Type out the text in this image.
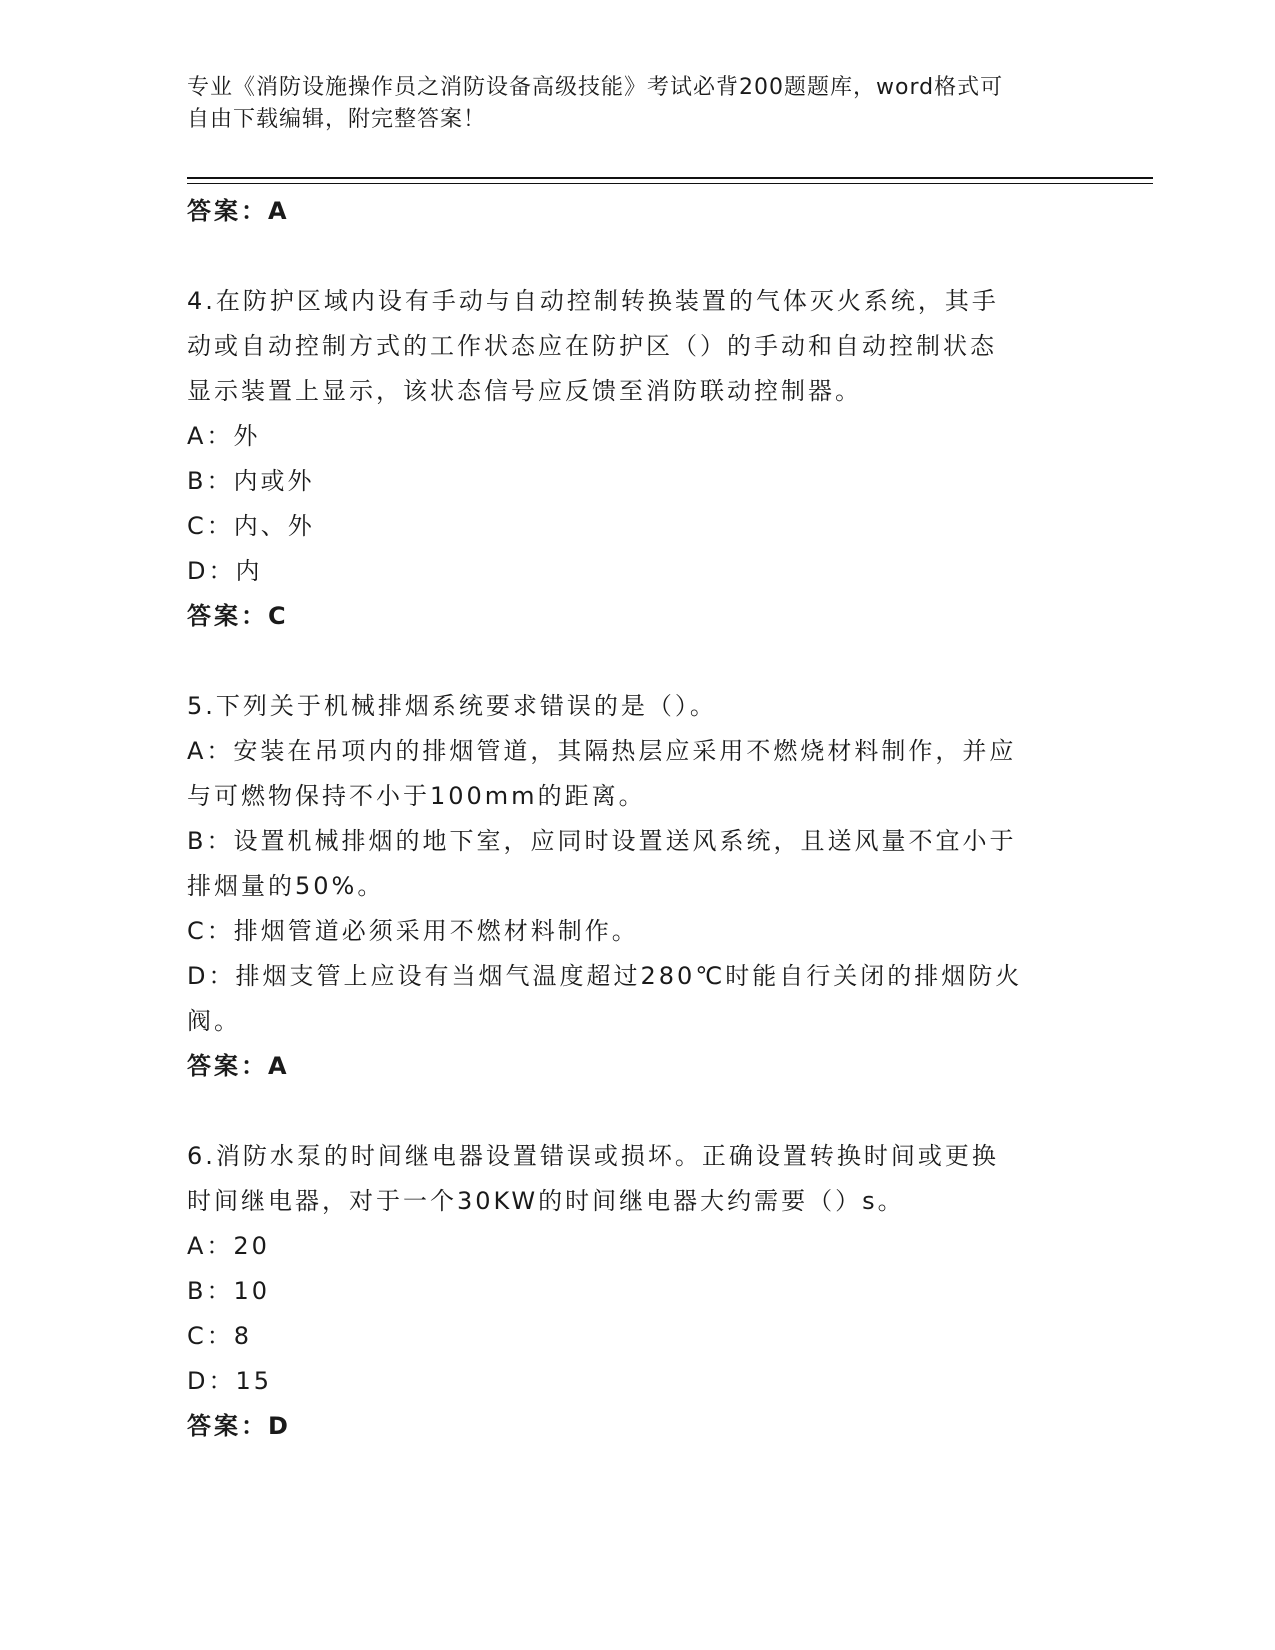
专业《消防设施操作员之消防设备高级技能》考试必背200题题库，word格式可
自由下载编辑，附完整答案！
答案：A
4.在防护区域内设有手动与自动控制转换装置的气体灭火系统，其手
动或自动控制方式的工作状态应在防护区（）的手动和自动控制状态
显示装置上显示，该状态信号应反馈至消防联动控制器。
A：外
B：内或外
C：内、外
D：内
答案：C
5.下列关于机械排烟系统要求错误的是（）。
A：安装在吊项内的排烟管道，其隔热层应采用不燃烧材料制作，并应
与可燃物保持不小于100mm的距离。
B：设置机械排烟的地下室，应同时设置送风系统，且送风量不宜小于
排烟量的50%。
C：排烟管道必须采用不燃材料制作。
D：排烟支管上应设有当烟气温度超过280℃时能自行关闭的排烟防火
阀。
答案：A
6.消防水泵的时间继电器设置错误或损坏。正确设置转换时间或更换
时间继电器，对于一个30KW的时间继电器大约需要（）s。
A：20
B：10
C：8
D：15
答案：D
